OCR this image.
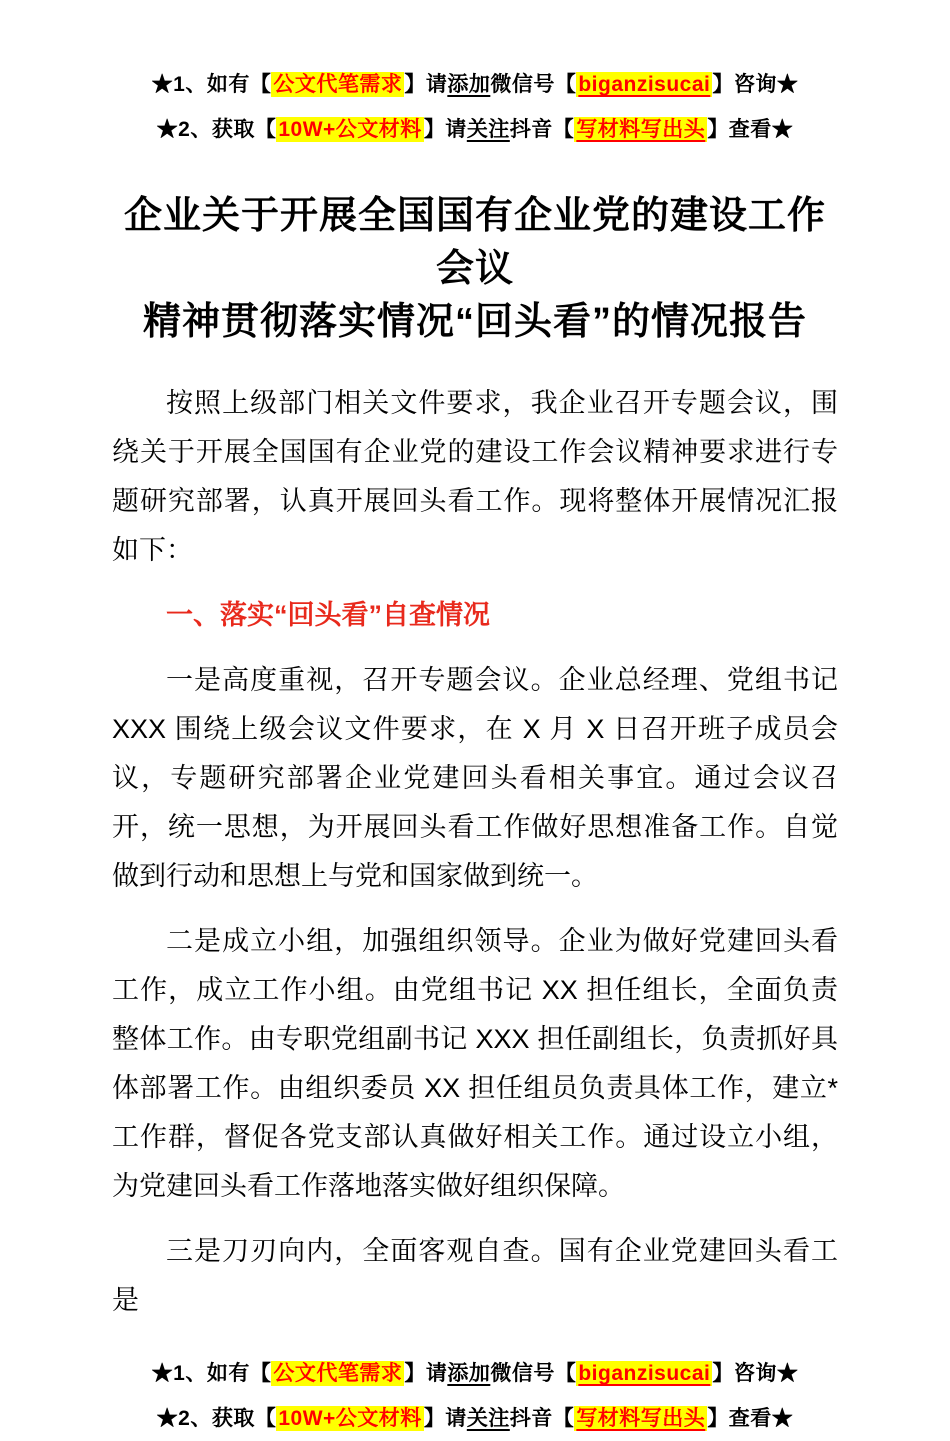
★1、如有【公文代笔需求】请添加微信号【biganzisucai】咨询★

★2、获取【10W+公文材料】请关注抖音【写材料写出头】查看★

企业关于开展全国国有企业党的建设工作会议
精神贯彻落实情况“回头看”的情况报告

按照上级部门相关文件要求，我企业召开专题会议，围绕关于开展全国国有企业党的建设工作会议精神要求进行专题研究部署，认真开展回头看工作。现将整体开展情况汇报如下：

一、落实“回头看”自查情况

一是高度重视，召开专题会议。企业总经理、党组书记 XXX 围绕上级会议文件要求，在 X 月 X 日召开班子成员会议，专题研究部署企业党建回头看相关事宜。通过会议召开，统一思想，为开展回头看工作做好思想准备工作。自觉做到行动和思想上与党和国家做到统一。

二是成立小组，加强组织领导。企业为做好党建回头看工作，成立工作小组。由党组书记 XX 担任组长，全面负责整体工作。由专职党组副书记 XXX 担任副组长，负责抓好具体部署工作。由组织委员 XX 担任组员负责具体工作，建立*工作群，督促各党支部认真做好相关工作。通过设立小组，为党建回头看工作落地落实做好组织保障。

三是刀刃向内，全面客观自查。国有企业党建回头看工是

★1、如有【公文代笔需求】请添加微信号【biganzisucai】咨询★

★2、获取【10W+公文材料】请关注抖音【写材料写出头】查看★
